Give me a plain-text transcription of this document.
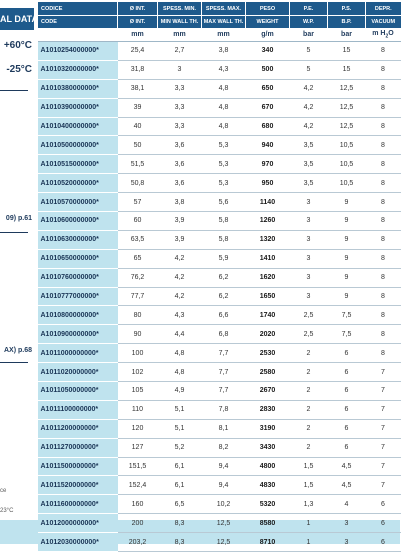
AL DATA
+60°C
-25°C
09) p.61
AX) p.68
ce
23°C
CODICE	Ø INT.	SPESS. MIN.	SPESS. MAX.	PESO	P.E.	P.S.	DEPR.
CODE	Ø INT.	MIN WALL TH.	MAX WALL TH.	WEIGHT	W.P.	B.P.	VACUUM
	mm	mm	mm	g/m	bar	bar	m $H_2O$
A1010254000000*	25,4	2,7	3,8	340	5	15	8
A1010320000000*	31,8	3	4,3	500	5	15	8
A1010380000000*	38,1	3,3	4,8	650	4,2	12,5	8
A1010390000000*	39	3,3	4,8	670	4,2	12,5	8
A1010400000000*	40	3,3	4,8	680	4,2	12,5	8
A1010500000000*	50	3,6	5,3	940	3,5	10,5	8
A1010515000000*	51,5	3,6	5,3	970	3,5	10,5	8
A1010520000000*	50,8	3,6	5,3	950	3,5	10,5	8
A1010570000000*	57	3,8	5,6	1140	3	9	8
A1010600000000*	60	3,9	5,8	1260	3	9	8
A1010630000000*	63,5	3,9	5,8	1320	3	9	8
A1010650000000*	65	4,2	5,9	1410	3	9	8
A1010760000000*	76,2	4,2	6,2	1620	3	9	8
A1010777000000*	77,7	4,2	6,2	1650	3	9	8
A1010800000000*	80	4,3	6,6	1740	2,5	7,5	8
A1010900000000*	90	4,4	6,8	2020	2,5	7,5	8
A1011000000000*	100	4,8	7,7	2530	2	6	8
A1011020000000*	102	4,8	7,7	2580	2	6	7
A1011050000000*	105	4,9	7,7	2670	2	6	7
A1011100000000*	110	5,1	7,8	2830	2	6	7
A1011200000000*	120	5,1	8,1	3190	2	6	7
A1011270000000*	127	5,2	8,2	3430	2	6	7
A1011500000000*	151,5	6,1	9,4	4800	1,5	4,5	7
A1011520000000*	152,4	6,1	9,4	4830	1,5	4,5	7
A1011600000000*	160	6,5	10,2	5320	1,3	4	6
A1012000000000*	200	8,3	12,5	8580	1	3	6
A1012030000000*	203,2	8,3	12,5	8710	1	3	6
